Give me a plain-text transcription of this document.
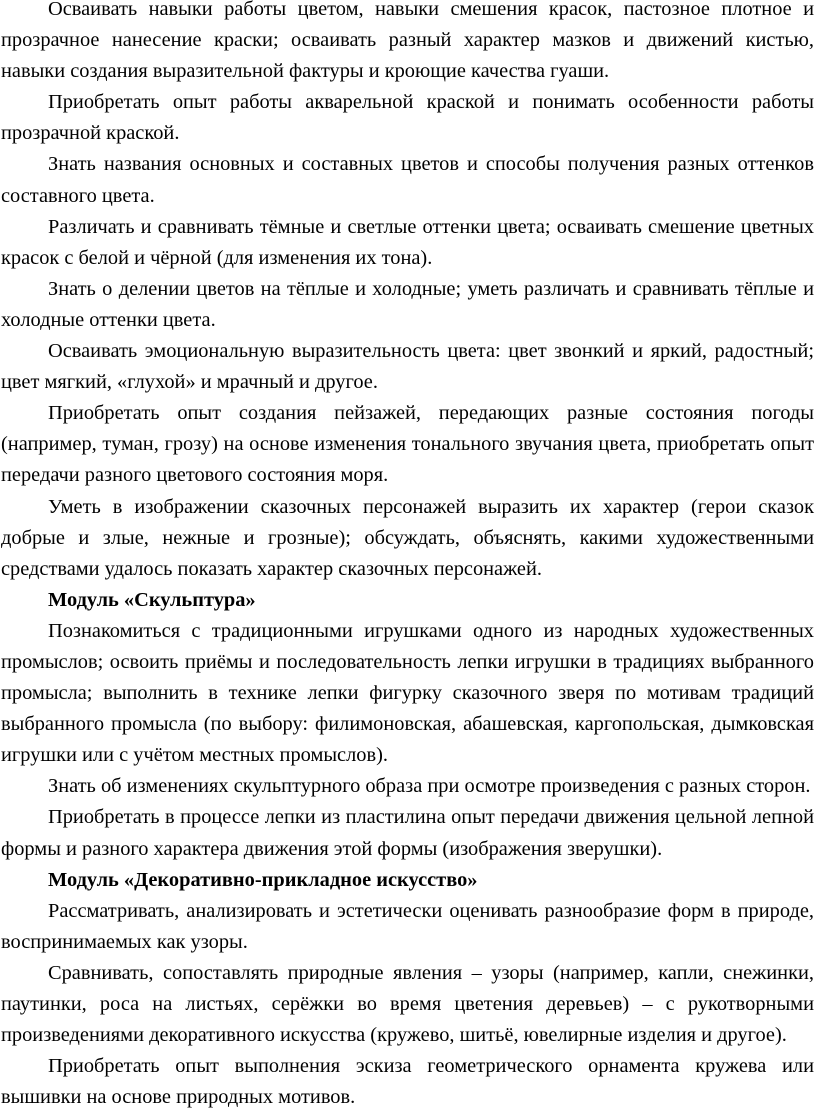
Осваивать навыки работы цветом, навыки смешения красок, пастозное плотное и прозрачное нанесение краски; осваивать разный характер мазков и движений кистью, навыки создания выразительной фактуры и кроющие качества гуаши.

Приобретать опыт работы акварельной краской и понимать особенности работы прозрачной краской.

Знать названия основных и составных цветов и способы получения разных оттенков составного цвета.

Различать и сравнивать тёмные и светлые оттенки цвета; осваивать смешение цветных красок с белой и чёрной (для изменения их тона).

Знать о делении цветов на тёплые и холодные; уметь различать и сравнивать тёплые и холодные оттенки цвета.

Осваивать эмоциональную выразительность цвета: цвет звонкий и яркий, радостный; цвет мягкий, «глухой» и мрачный и другое.

Приобретать опыт создания пейзажей, передающих разные состояния погоды (например, туман, грозу) на основе изменения тонального звучания цвета, приобретать опыт передачи разного цветового состояния моря.

Уметь в изображении сказочных персонажей выразить их характер (герои сказок добрые и злые, нежные и грозные); обсуждать, объяснять, какими художественными средствами удалось показать характер сказочных персонажей.

Модуль «Скульптура»

Познакомиться с традиционными игрушками одного из народных художественных промыслов; освоить приёмы и последовательность лепки игрушки в традициях выбранного промысла; выполнить в технике лепки фигурку сказочного зверя по мотивам традиций выбранного промысла (по выбору: филимоновская, абашевская, каргопольская, дымковская игрушки или с учётом местных промыслов).

Знать об изменениях скульптурного образа при осмотре произведения с разных сторон.

Приобретать в процессе лепки из пластилина опыт передачи движения цельной лепной формы и разного характера движения этой формы (изображения зверушки).

Модуль «Декоративно-прикладное искусство»

Рассматривать, анализировать и эстетически оценивать разнообразие форм в природе, воспринимаемых как узоры.

Сравнивать, сопоставлять природные явления – узоры (например, капли, снежинки, паутинки, роса на листьях, серёжки во время цветения деревьев) – с рукотворными произведениями декоративного искусства (кружево, шитьё, ювелирные изделия и другое).

Приобретать опыт выполнения эскиза геометрического орнамента кружева или вышивки на основе природных мотивов.
